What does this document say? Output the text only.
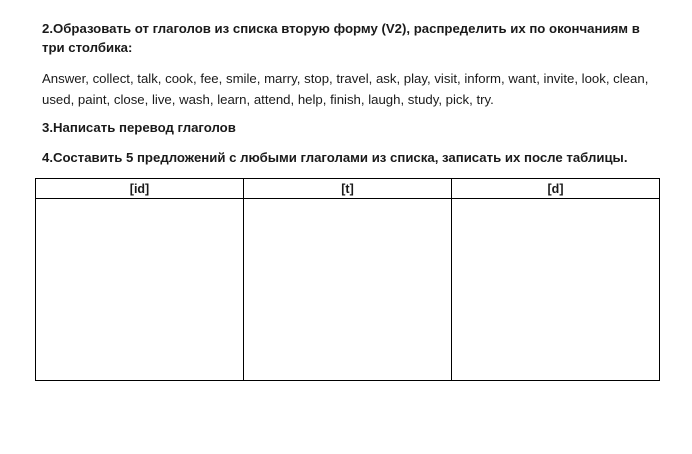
2.Образовать от глаголов из списка вторую форму (V2), распределить их по окончаниям в три столбика:
Answer, collect, talk, cook, fee, smile, marry, stop, travel, ask, play, visit, inform, want, invite, look, clean, used, paint, close, live, wash, learn, attend, help, finish, laugh, study, pick, try.
3.Написать перевод глаголов
4.Составить 5 предложений с любыми глаголами из списка, записать их после таблицы.
[id]	[t]	[d]
